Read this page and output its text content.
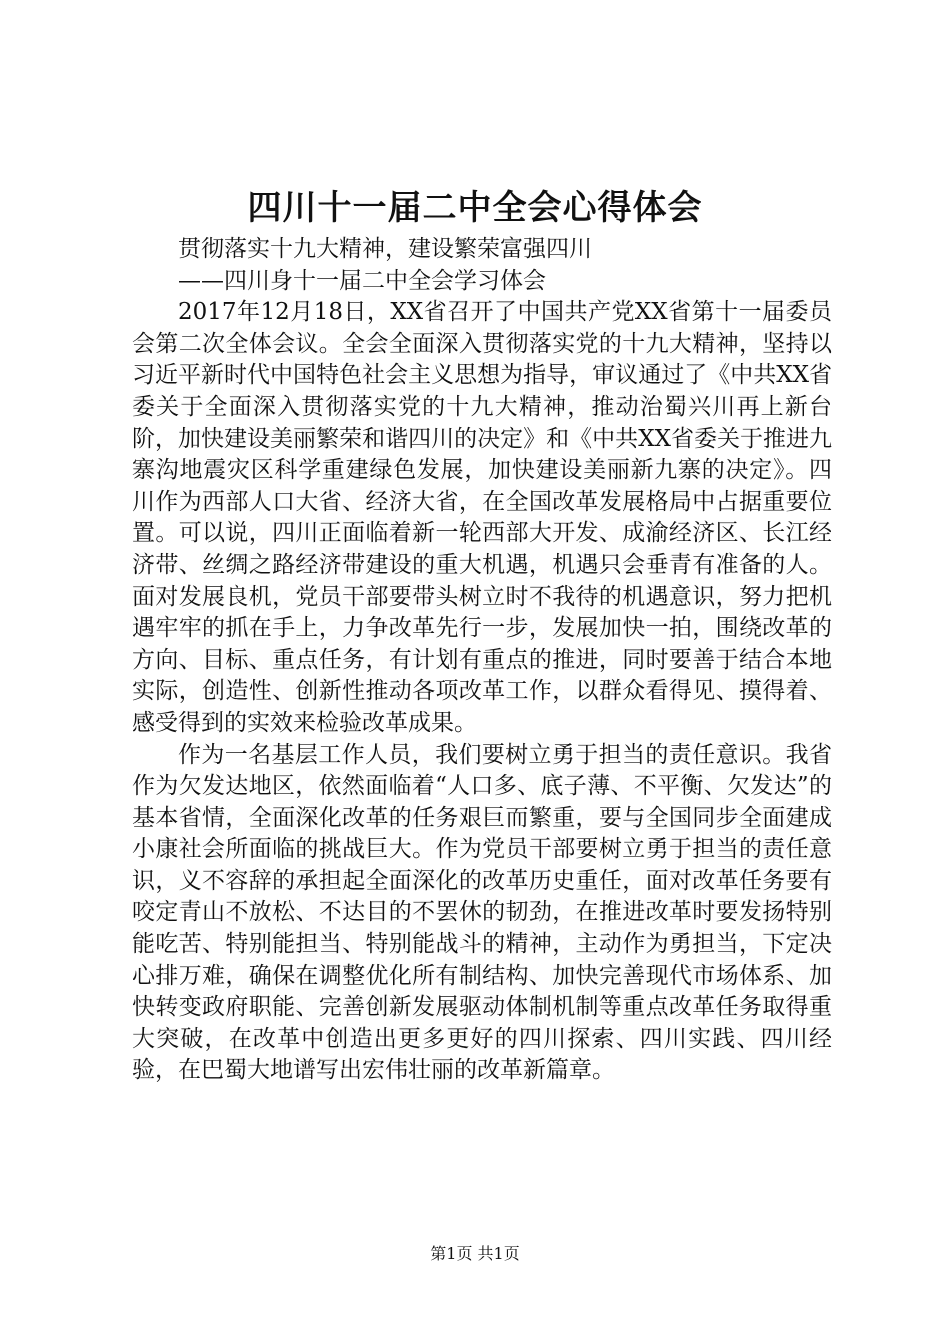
四川十一届二中全会心得体会

贯彻落实十九大精神，建设繁荣富强四川

——四川身十一届二中全会学习体会

2017年12月18日，XX省召开了中国共产党XX省第十一届委员会第二次全体会议。全会全面深入贯彻落实党的十九大精神，坚持以习近平新时代中国特色社会主义思想为指导，审议通过了《中共XX省委关于全面深入贯彻落实党的十九大精神，推动治蜀兴川再上新台阶，加快建设美丽繁荣和谐四川的决定》和《中共XX省委关于推进九寨沟地震灾区科学重建绿色发展，加快建设美丽新九寨的决定》。四川作为西部人口大省、经济大省，在全国改革发展格局中占据重要位置。可以说，四川正面临着新一轮西部大开发、成渝经济区、长江经济带、丝绸之路经济带建设的重大机遇，机遇只会垂青有准备的人。面对发展良机，党员干部要带头树立时不我待的机遇意识，努力把机遇牢牢的抓在手上，力争改革先行一步，发展加快一拍，围绕改革的方向、目标、重点任务，有计划有重点的推进，同时要善于结合本地实际，创造性、创新性推动各项改革工作，以群众看得见、摸得着、感受得到的实效来检验改革成果。

作为一名基层工作人员，我们要树立勇于担当的责任意识。我省作为欠发达地区，依然面临着“人口多、底子薄、不平衡、欠发达”的基本省情，全面深化改革的任务艰巨而繁重，要与全国同步全面建成小康社会所面临的挑战巨大。作为党员干部要树立勇于担当的责任意识，义不容辞的承担起全面深化的改革历史重任，面对改革任务要有咬定青山不放松、不达目的不罢休的韧劲，在推进改革时要发扬特别能吃苦、特别能担当、特别能战斗的精神，主动作为勇担当，下定决心排万难，确保在调整优化所有制结构、加快完善现代市场体系、加快转变政府职能、完善创新发展驱动体制机制等重点改革任务取得重大突破，在改革中创造出更多更好的四川探索、四川实践、四川经验，在巴蜀大地谱写出宏伟壮丽的改革新篇章。

第1页 共1页
